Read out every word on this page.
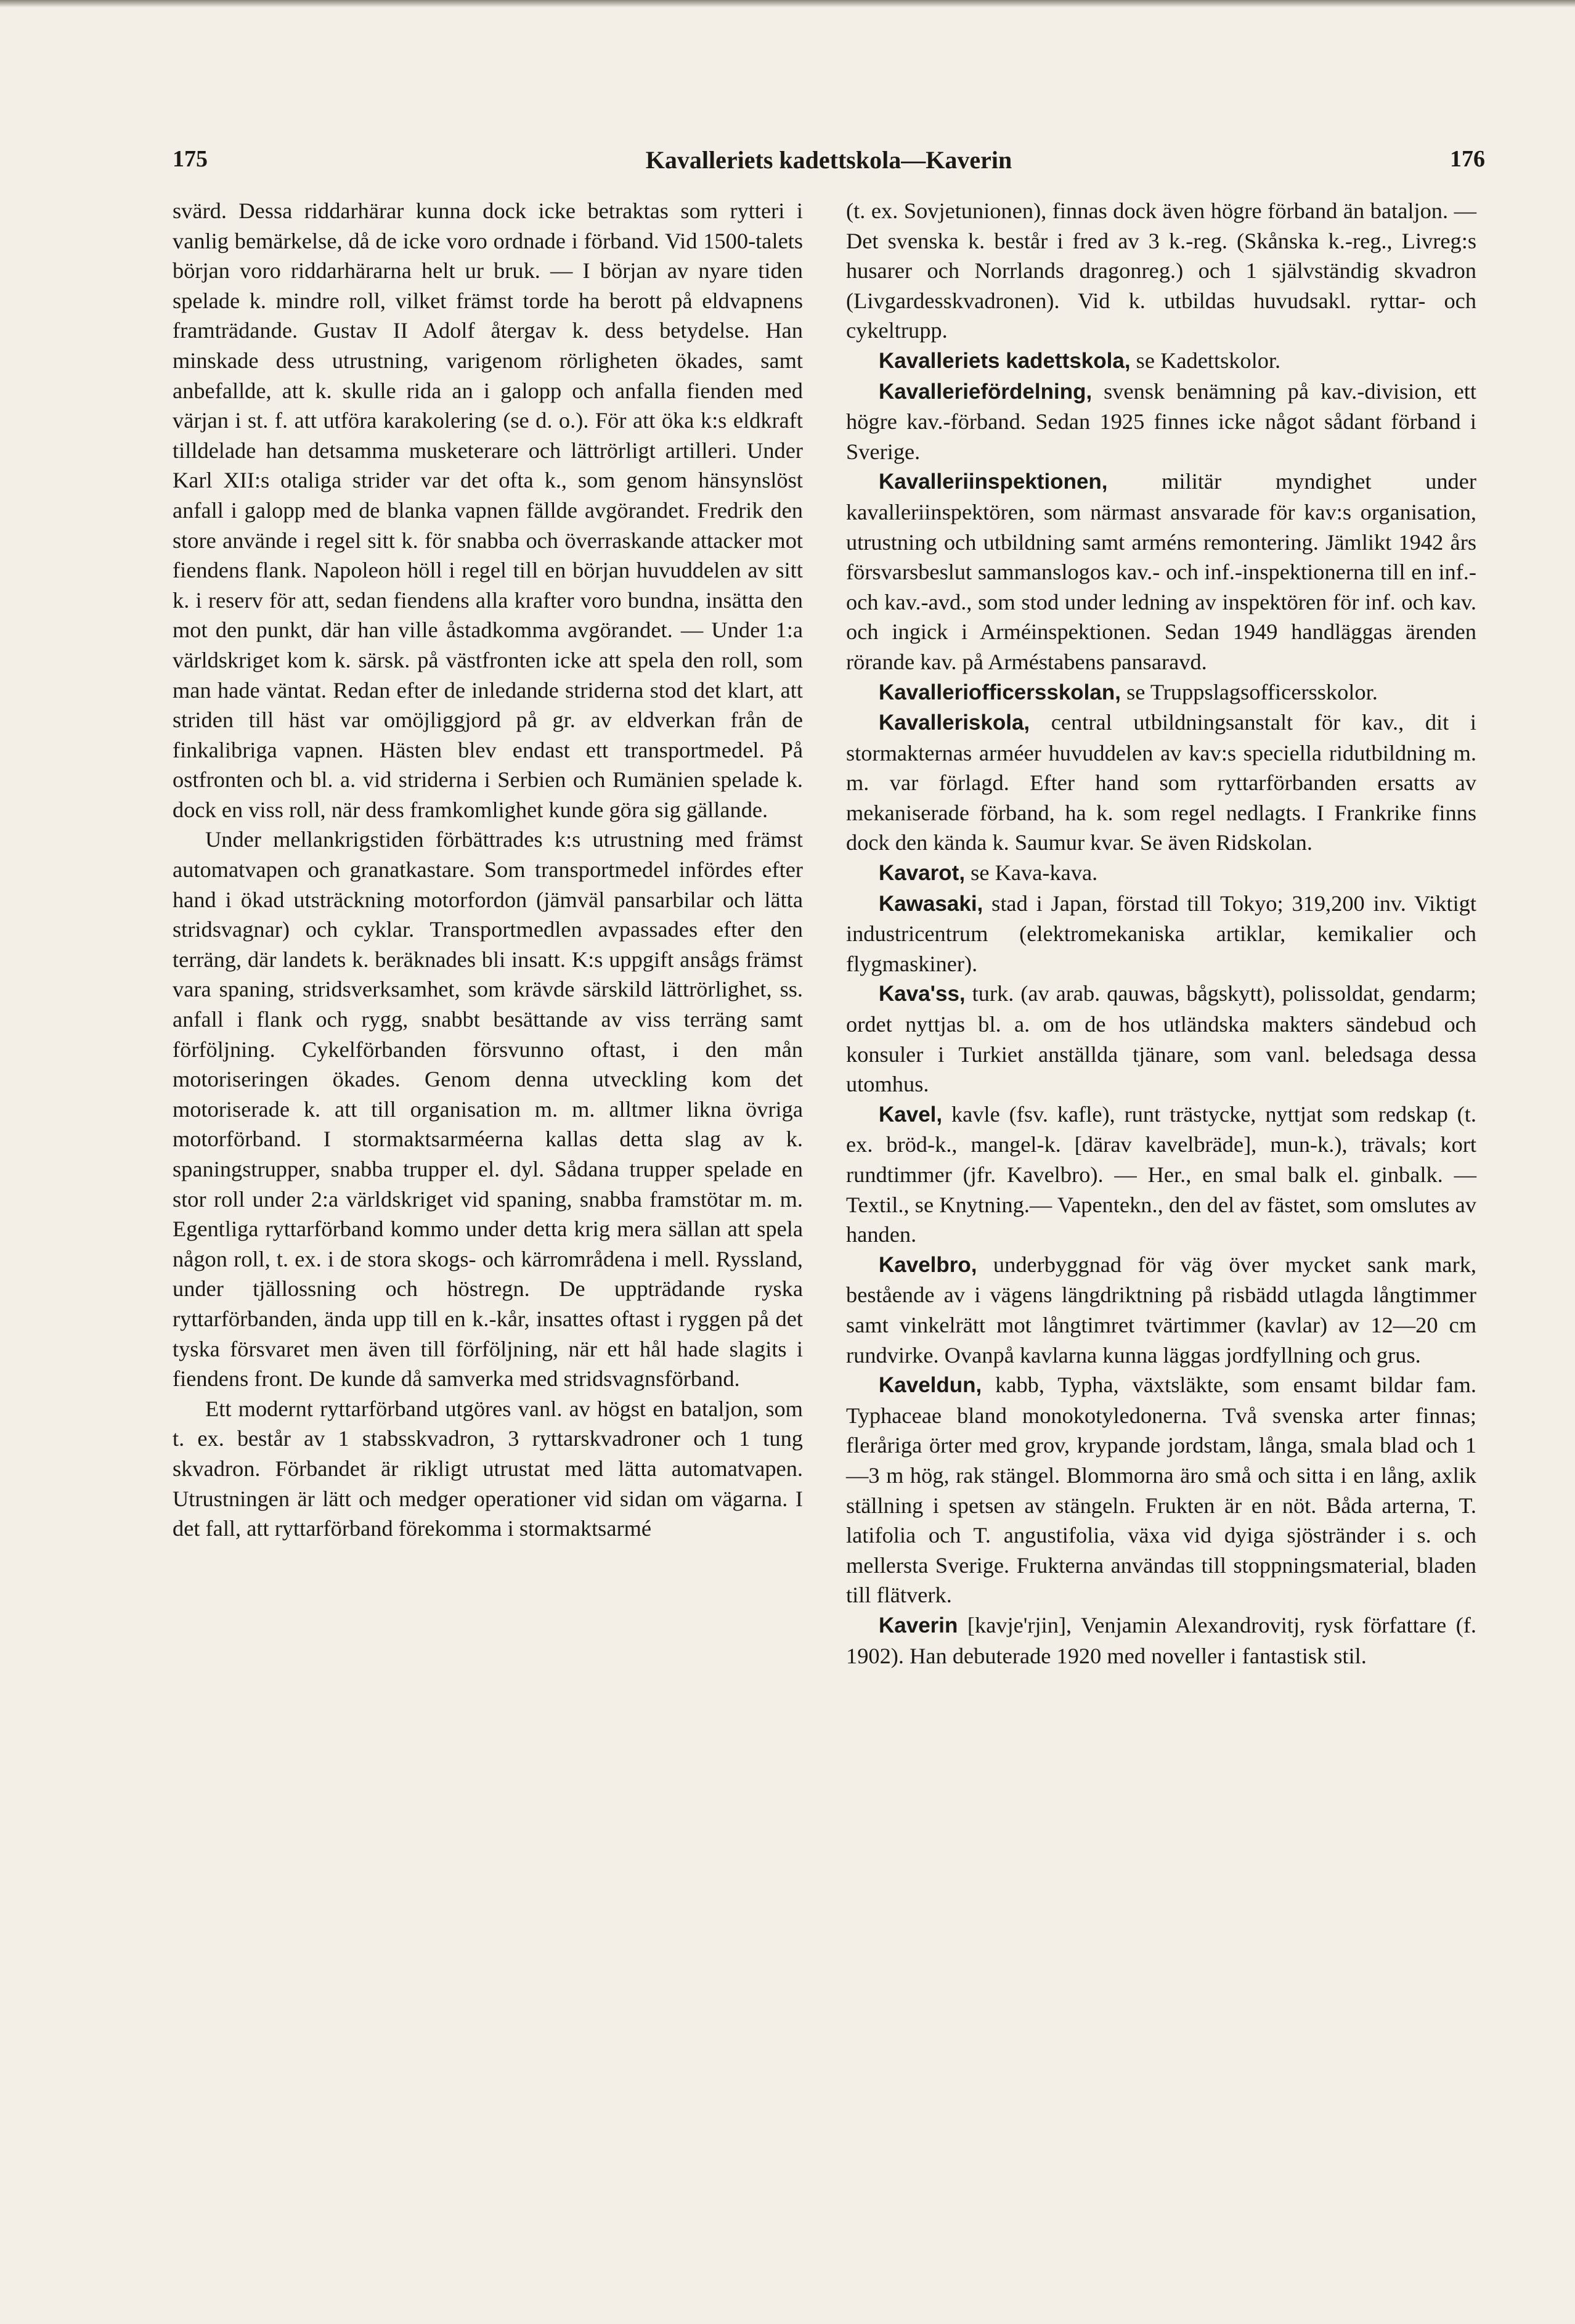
175	Kavalleriets kadettskola—Kaverin	176

svärd. Dessa riddarhärar kunna dock icke betraktas som rytteri i vanlig bemärkelse, då de icke voro ordnade i förband. Vid 1500-talets början voro riddarhärarna helt ur bruk. — I början av nyare tiden spelade k. mindre roll, vilket främst torde ha berott på eldvapnens framträdande. Gustav II Adolf återgav k. dess betydelse. Han minskade dess utrustning, varigenom rörligheten ökades, samt anbefallde, att k. skulle rida an i galopp och anfalla fienden med värjan i st. f. att utföra karakolering (se d. o.). För att öka k:s eldkraft tilldelade han detsamma musketerare och lättrörligt artilleri. Under Karl XII:s otaliga strider var det ofta k., som genom hänsynslöst anfall i galopp med de blanka vapnen fällde avgörandet. Fredrik den store använde i regel sitt k. för snabba och överraskande attacker mot fiendens flank. Napoleon höll i regel till en början huvuddelen av sitt k. i reserv för att, sedan fiendens alla krafter voro bundna, insätta den mot den punkt, där han ville åstadkomma avgörandet. — Under 1:a världskriget kom k. särsk. på västfronten icke att spela den roll, som man hade väntat. Redan efter de inledande striderna stod det klart, att striden till häst var omöjliggjord på gr. av eldverkan från de finkalibriga vapnen. Hästen blev endast ett transportmedel. På ostfronten och bl. a. vid striderna i Serbien och Rumänien spelade k. dock en viss roll, när dess framkomlighet kunde göra sig gällande.

Under mellankrigstiden förbättrades k:s utrustning med främst automatvapen och granatkastare. Som transportmedel infördes efter hand i ökad utsträckning motorfordon (jämväl pansarbilar och lätta stridsvagnar) och cyklar. Transportmedlen avpassades efter den terräng, där landets k. beräknades bli insatt. K:s uppgift ansågs främst vara spaning, stridsverksamhet, som krävde särskild lättrörlighet, ss. anfall i flank och rygg, snabbt besättande av viss terräng samt förföljning. Cykelförbanden försvunno oftast, i den mån motoriseringen ökades. Genom denna utveckling kom det motoriserade k. att till organisation m. m. alltmer likna övriga motorförband. I stormaktsarméerna kallas detta slag av k. spaningstrupper, snabba trupper el. dyl. Sådana trupper spelade en stor roll under 2:a världskriget vid spaning, snabba framstötar m. m. Egentliga ryttarförband kommo under detta krig mera sällan att spela någon roll, t. ex. i de stora skogs- och kärrområdena i mell. Ryssland, under tjällossning och höstregn. De uppträdande ryska ryttarförbanden, ända upp till en k.-kår, insattes oftast i ryggen på det tyska försvaret men även till förföljning, när ett hål hade slagits i fiendens front. De kunde då samverka med stridsvagnsförband.

Ett modernt ryttarförband utgöres vanl. av högst en bataljon, som t. ex. består av 1 stabsskvadron, 3 ryttarskvadroner och 1 tung skvadron. Förbandet är rikligt utrustat med lätta automatvapen. Utrustningen är lätt och medger operationer vid sidan om vägarna. I det fall, att ryttarförband förekomma i stormaktsarmé

(t. ex. Sovjetunionen), finnas dock även högre förband än bataljon. — Det svenska k. består i fred av 3 k.-reg. (Skånska k.-reg., Livreg:s husarer och Norrlands dragonreg.) och 1 självständig skvadron (Livgardesskvadronen). Vid k. utbildas huvudsakl. ryttar- och cykeltrupp.

Kavalleriets kadettskola, se Kadettskolor.

Kavalleriefördelning, svensk benämning på kav.-division, ett högre kav.-förband. Sedan 1925 finnes icke något sådant förband i Sverige.

Kavalleriinspektionen, militär myndighet under kavalleriinspektören, som närmast ansvarade för kav:s organisation, utrustning och utbildning samt arméns remontering. Jämlikt 1942 års försvarsbeslut sammanslogos kav.- och inf.-inspektionerna till en inf.- och kav.-avd., som stod under ledning av inspektören för inf. och kav. och ingick i Arméinspektionen. Sedan 1949 handläggas ärenden rörande kav. på Arméstabens pansaravd.

Kavalleriofficersskolan, se Truppslagsofficersskolor.

Kavalleriskola, central utbildningsanstalt för kav., dit i stormakternas arméer huvuddelen av kav:s speciella ridutbildning m. m. var förlagd. Efter hand som ryttarförbanden ersatts av mekaniserade förband, ha k. som regel nedlagts. I Frankrike finns dock den kända k. Saumur kvar. Se även Ridskolan.

Kavarot, se Kava-kava.

Kawasaki, stad i Japan, förstad till Tokyo; 319,200 inv. Viktigt industricentrum (elektromekaniska artiklar, kemikalier och flygmaskiner).

Kava'ss, turk. (av arab. qauwas, bågskytt), polissoldat, gendarm; ordet nyttjas bl. a. om de hos utländska makters sändebud och konsuler i Turkiet anställda tjänare, som vanl. beledsaga dessa utomhus.

Kavel, kavle (fsv. kafle), runt trästycke, nyttjat som redskap (t. ex. bröd-k., mangel-k. [därav kavelbräde], mun-k.), trävals; kort rundtimmer (jfr. Kavelbro). — Her., en smal balk el. ginbalk. — Textil., se Knytning.— Vapentekn., den del av fästet, som omslutes av handen.

Kavelbro, underbyggnad för väg över mycket sank mark, bestående av i vägens längdriktning på risbädd utlagda långtimmer samt vinkelrätt mot långtimret tvärtimmer (kavlar) av 12—20 cm rundvirke. Ovanpå kavlarna kunna läggas jordfyllning och grus.

Kaveldun, kabb, Typha, växtsläkte, som ensamt bildar fam. Typhaceae bland monokotyledonerna. Två svenska arter finnas; fleråriga örter med grov, krypande jordstam, långa, smala blad och 1—3 m hög, rak stängel. Blommorna äro små och sitta i en lång, axlik ställning i spetsen av stängeln. Frukten är en nöt. Båda arterna, T. latifolia och T. angustifolia, växa vid dyiga sjöstränder i s. och mellersta Sverige. Frukterna användas till stoppningsmaterial, bladen till flätverk.

Kaverin [kavje'rjin], Venjamin Alexandrovitj, rysk författare (f. 1902). Han debuterade 1920 med noveller i fantastisk stil.
